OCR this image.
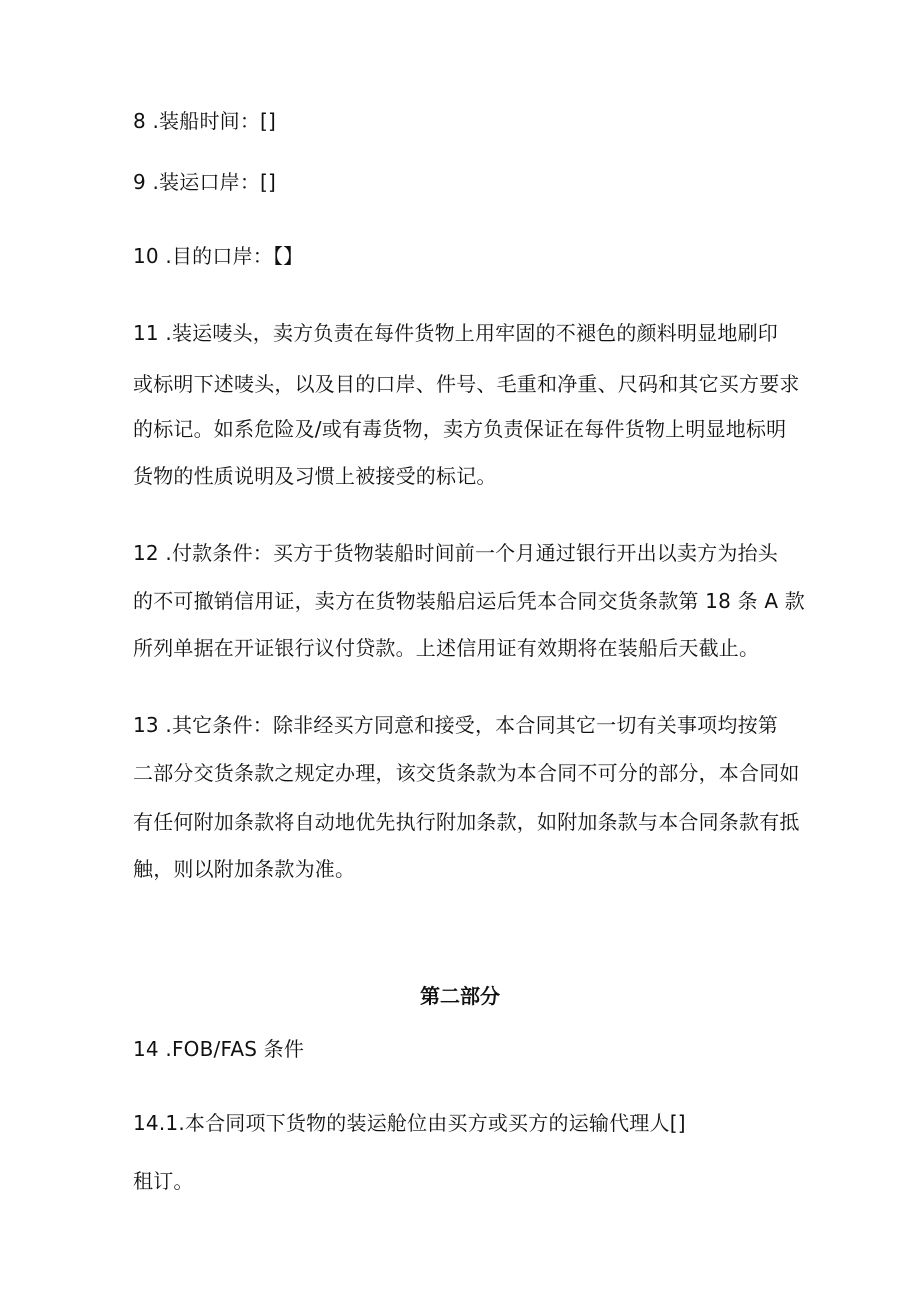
8 .装船时间：[]
9 .装运口岸：[]
10 .目的口岸：【】
11 .装运唛头，卖方负责在每件货物上用牢固的不褪色的颜料明显地刷印
或标明下述唛头，以及目的口岸、件号、毛重和净重、尺码和其它买方要求
的标记。如系危险及/或有毒货物，卖方负责保证在每件货物上明显地标明
货物的性质说明及习惯上被接受的标记。
12 .付款条件：买方于货物装船时间前一个月通过银行开出以卖方为抬头
的不可撤销信用证，卖方在货物装船启运后凭本合同交货条款第 18 条 A 款
所列单据在开证银行议付贷款。上述信用证有效期将在装船后天截止。
13 .其它条件：除非经买方同意和接受，本合同其它一切有关事项均按第
二部分交货条款之规定办理，该交货条款为本合同不可分的部分，本合同如
有任何附加条款将自动地优先执行附加条款，如附加条款与本合同条款有抵
触，则以附加条款为准。
第二部分
14 .FOB/FAS 条件
14.1.本合同项下货物的装运舱位由买方或买方的运输代理人[]
租订。
